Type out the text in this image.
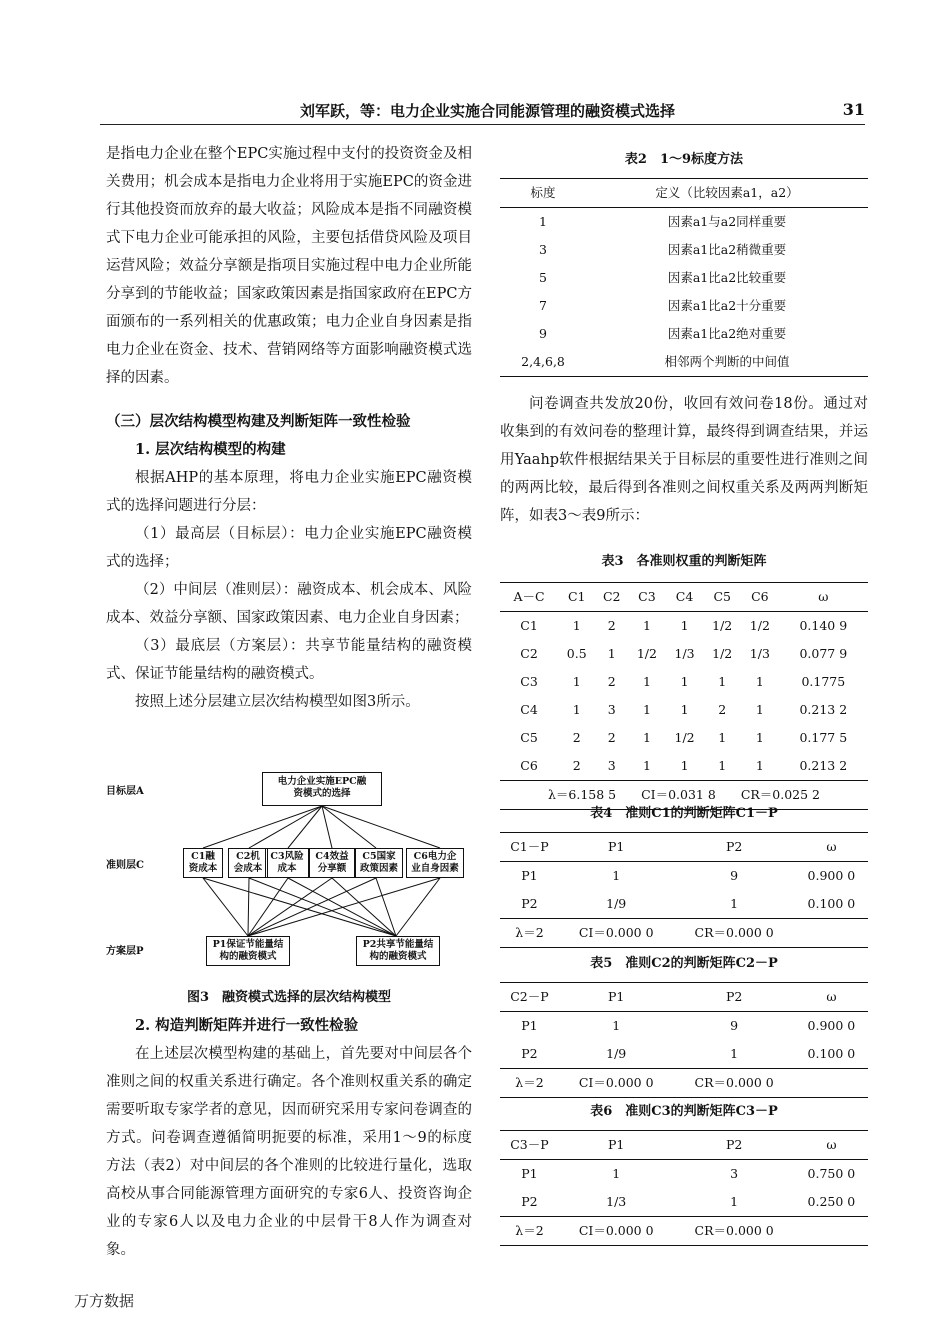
刘军跃，等：电力企业实施合同能源管理的融资模式选择	31

是指电力企业在整个EPC实施过程中支付的投资资金及相关费用；机会成本是指电力企业将用于实施EPC的资金进行其他投资而放弃的最大收益；风险成本是指不同融资模式下电力企业可能承担的风险，主要包括借贷风险及项目运营风险；效益分享额是指项目实施过程中电力企业所能分享到的节能收益；国家政策因素是指国家政府在EPC方面颁布的一系列相关的优惠政策；电力企业自身因素是指电力企业在资金、技术、营销网络等方面影响融资模式选择的因素。

（三）层次结构模型构建及判断矩阵一致性检验

1. 层次结构模型的构建

根据AHP的基本原理，将电力企业实施EPC融资模式的选择问题进行分层：

（1）最高层（目标层）：电力企业实施EPC融资模式的选择；

（2）中间层（准则层）：融资成本、机会成本、风险成本、效益分享额、国家政策因素、电力企业自身因素；

（3）最底层（方案层）：共享节能量结构的融资模式、保证节能量结构的融资模式。

按照上述分层建立层次结构模型如图3所示。

目标层A
准则层C
方案层P
电力企业实施EPC融资模式的选择
C1融资成本
C2机会成本
C3风险成本
C4效益分享额
C5国家政策因素
C6电力企业自身因素
P1保证节能量结构的融资模式
P2共享节能量结构的融资模式
图3　融资模式选择的层次结构模型

2. 构造判断矩阵并进行一致性检验

在上述层次模型构建的基础上，首先要对中间层各个准则之间的权重关系进行确定。各个准则权重关系的确定需要听取专家学者的意见，因而研究采用专家问卷调查的方式。问卷调查遵循简明扼要的标准，采用1～9的标度方法（表2）对中间层的各个准则的比较进行量化，选取高校从事合同能源管理方面研究的专家6人、投资咨询企业的专家6人以及电力企业的中层骨干8人作为调查对象。

表2　1～9标度方法
标度	定义（比较因素a1，a2）
1	因素a1与a2同样重要
3	因素a1比a2稍微重要
5	因素a1比a2比较重要
7	因素a1比a2十分重要
9	因素a1比a2绝对重要
2,4,6,8	相邻两个判断的中间值

问卷调查共发放20份，收回有效问卷18份。通过对收集到的有效问卷的整理计算，最终得到调查结果，并运用Yaahp软件根据结果关于目标层的重要性进行准则之间的两两比较，最后得到各准则之间权重关系及两两判断矩阵，如表3～表9所示：

表3　各准则权重的判断矩阵
A－C	C1	C2	C3	C4	C5	C6	ω
C1	1	2	1	1	1/2	1/2	0.140 9
C2	0.5	1	1/2	1/3	1/2	1/3	0.077 9
C3	1	2	1	1	1	1	0.1775
C4	1	3	1	1	2	1	0.213 2
C5	2	2	1	1/2	1	1	0.177 5
C6	2	3	1	1	1	1	0.213 2
λ＝6.158 5　　CI＝0.031 8　　CR＝0.025 2							
表4　准则C1的判断矩阵C1－P
C1－P	P1	P2	ω
P1	1	9	0.900 0
P2	1/9	1	0.100 0
λ＝2	CI＝0.000 0	CR＝0.000 0	
表5　准则C2的判断矩阵C2－P
C2－P	P1	P2	ω
P1	1	9	0.900 0
P2	1/9	1	0.100 0
λ＝2	CI＝0.000 0	CR＝0.000 0	
表6　准则C3的判断矩阵C3－P
C3－P	P1	P2	ω
P1	1	3	0.750 0
P2	1/3	1	0.250 0
λ＝2	CI＝0.000 0	CR＝0.000 0	
万方数据
